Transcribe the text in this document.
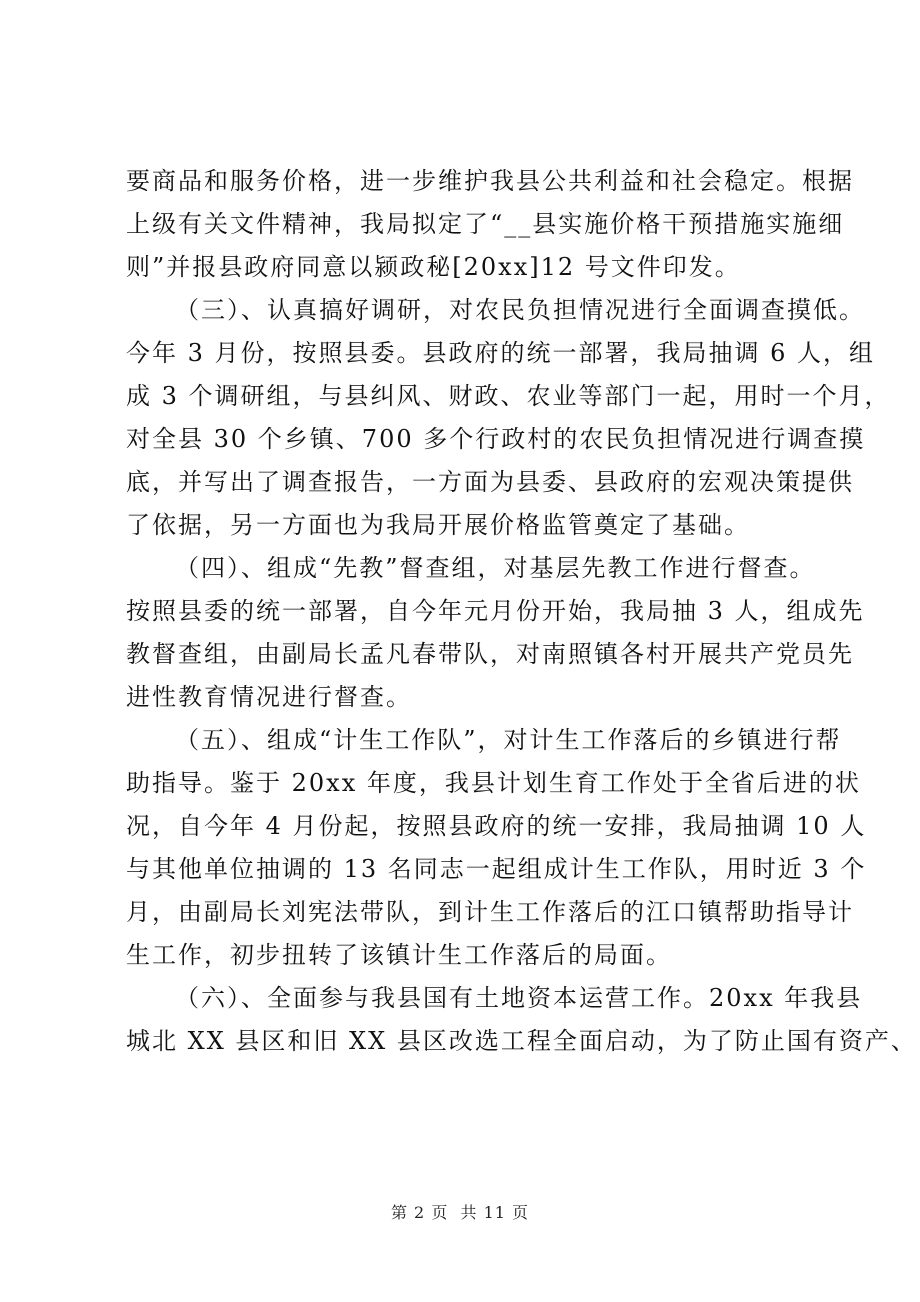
要商品和服务价格，进一步维护我县公共利益和社会稳定。根据
上级有关文件精神，我局拟定了“__县实施价格干预措施实施细
则”并报县政府同意以颍政秘[20xx]12 号文件印发。
（三）、认真搞好调研，对农民负担情况进行全面调查摸低。
今年 3 月份，按照县委。县政府的统一部署，我局抽调 6 人，组
成 3 个调研组，与县纠风、财政、农业等部门一起，用时一个月，
对全县 30 个乡镇、700 多个行政村的农民负担情况进行调查摸
底，并写出了调查报告，一方面为县委、县政府的宏观决策提供
了依据，另一方面也为我局开展价格监管奠定了基础。
（四）、组成“先教”督查组，对基层先教工作进行督查。
按照县委的统一部署，自今年元月份开始，我局抽 3 人，组成先
教督查组，由副局长孟凡春带队，对南照镇各村开展共产党员先
进性教育情况进行督查。
（五）、组成“计生工作队”，对计生工作落后的乡镇进行帮
助指导。鉴于 20xx 年度，我县计划生育工作处于全省后进的状
况，自今年 4 月份起，按照县政府的统一安排，我局抽调 10 人
与其他单位抽调的 13 名同志一起组成计生工作队，用时近 3 个
月，由副局长刘宪法带队，到计生工作落后的江口镇帮助指导计
生工作，初步扭转了该镇计生工作落后的局面。
（六）、全面参与我县国有土地资本运营工作。20xx 年我县
城北 XX 县区和旧 XX 县区改选工程全面启动，为了防止国有资产、
第 2 页  共 11 页
